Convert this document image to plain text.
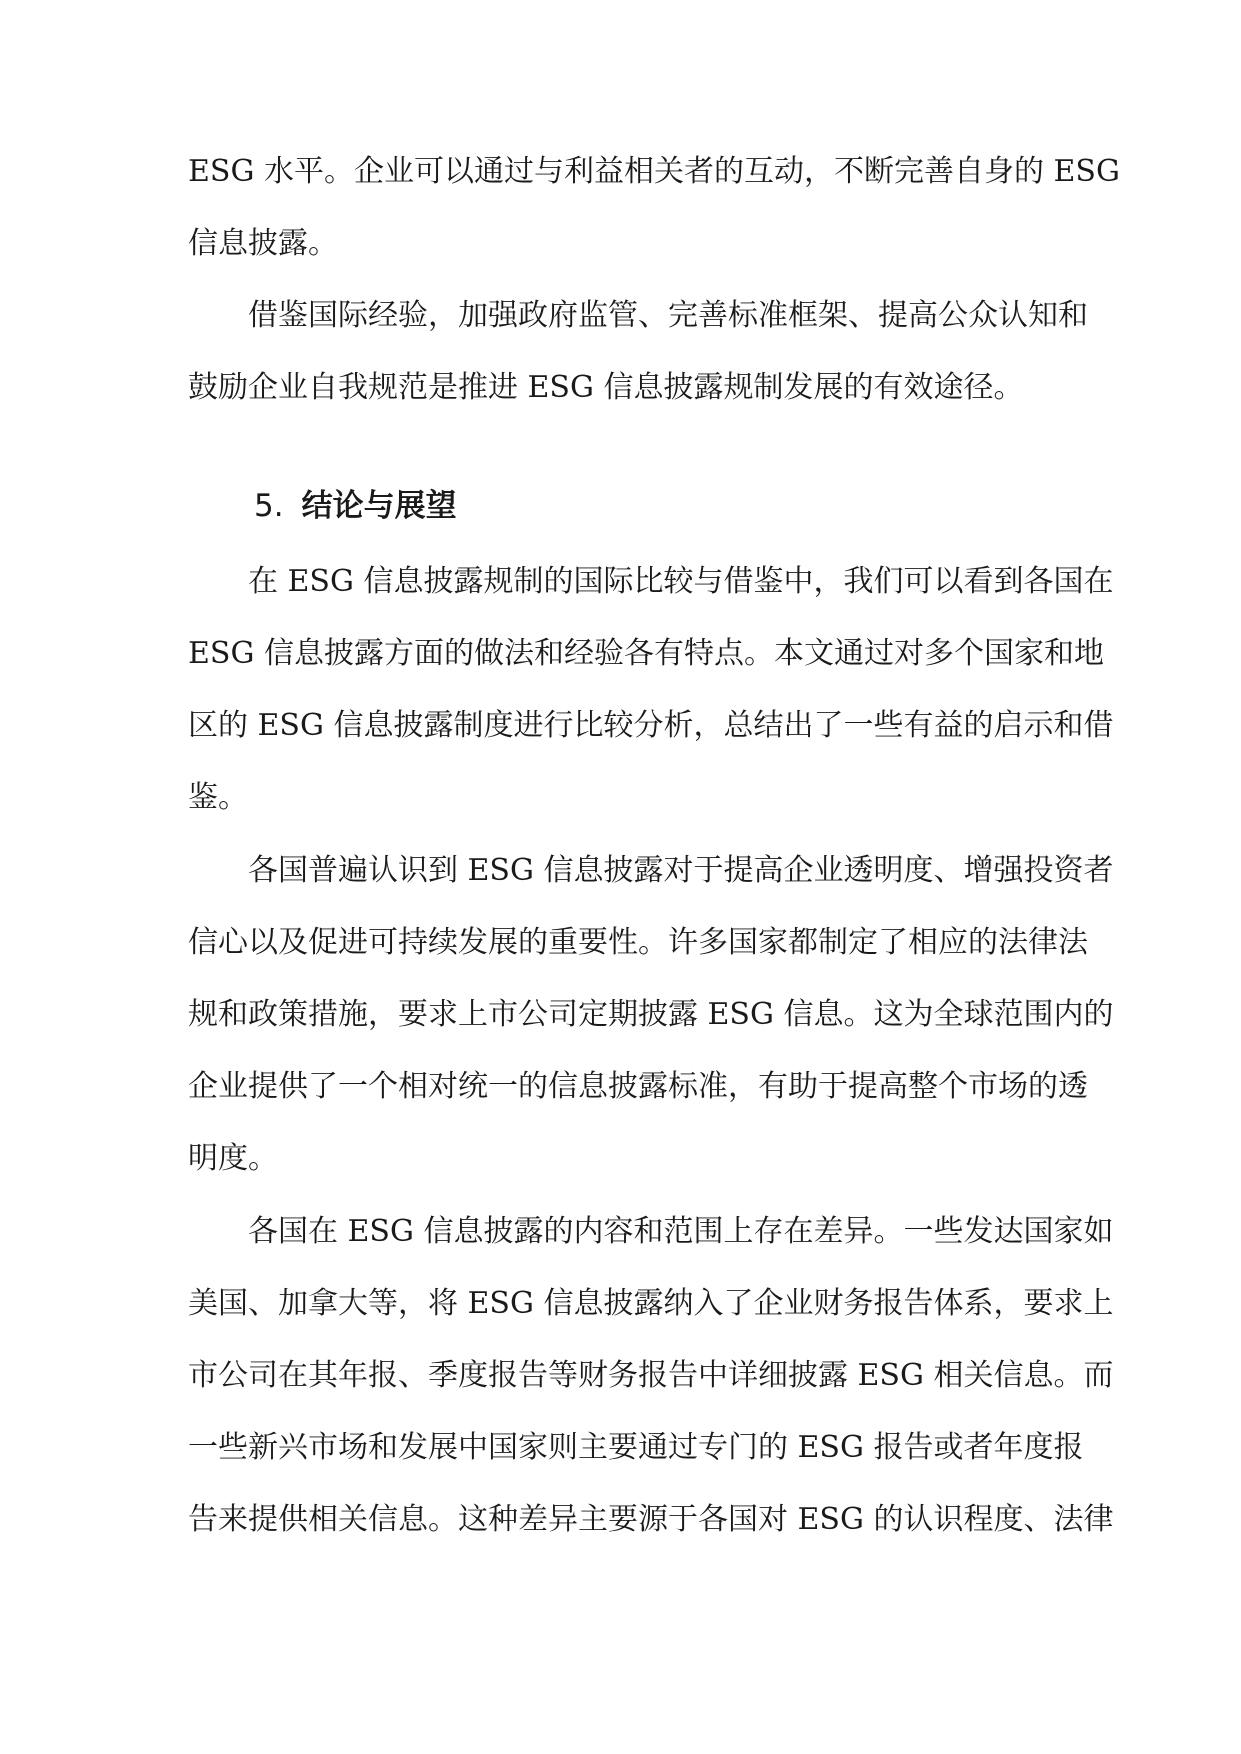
ESG 水平。企业可以通过与利益相关者的互动，不断完善自身的 ESG
信息披露。
借鉴国际经验，加强政府监管、完善标准框架、提高公众认知和
鼓励企业自我规范是推进 ESG 信息披露规制发展的有效途径。
5. 结论与展望
在 ESG 信息披露规制的国际比较与借鉴中，我们可以看到各国在
ESG 信息披露方面的做法和经验各有特点。本文通过对多个国家和地
区的 ESG 信息披露制度进行比较分析，总结出了一些有益的启示和借
鉴。
各国普遍认识到 ESG 信息披露对于提高企业透明度、增强投资者
信心以及促进可持续发展的重要性。许多国家都制定了相应的法律法
规和政策措施，要求上市公司定期披露 ESG 信息。这为全球范围内的
企业提供了一个相对统一的信息披露标准，有助于提高整个市场的透
明度。
各国在 ESG 信息披露的内容和范围上存在差异。一些发达国家如
美国、加拿大等，将 ESG 信息披露纳入了企业财务报告体系，要求上
市公司在其年报、季度报告等财务报告中详细披露 ESG 相关信息。而
一些新兴市场和发展中国家则主要通过专门的 ESG 报告或者年度报
告来提供相关信息。这种差异主要源于各国对 ESG 的认识程度、法律
